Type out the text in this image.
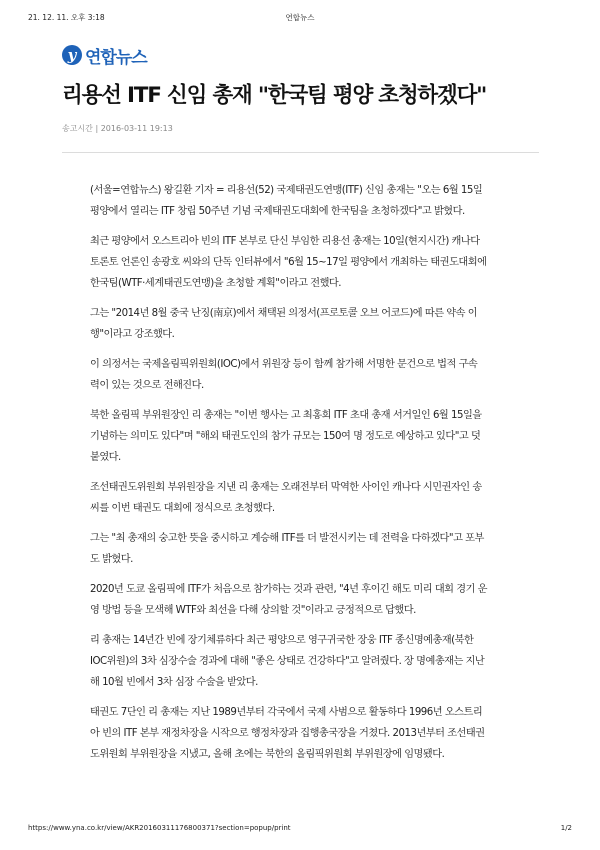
21. 12. 11. 오후 3:18	연합뉴스
y 연합뉴스
리용선 ITF 신임 총재 "한국팀 평양 초청하겠다"
송고시간 | 2016-03-11 19:13

(서울=연합뉴스) 왕길환 기자 = 리용선(52) 국제태권도연맹(ITF) 신임 총재는 "오는 6월 15일
평양에서 열리는 ITF 창립 50주년 기념 국제태권도대회에 한국팀을 초청하겠다"고 밝혔다.

최근 평양에서 오스트리아 빈의 ITF 본부로 단신 부임한 리용선 총재는 10일(현지시간) 캐나다
토론토 언론인 송광호 씨와의 단독 인터뷰에서 "6월 15~17일 평양에서 개최하는 태권도대회에
한국팀(WTF·세계태권도연맹)을 초청할 계획"이라고 전했다.

그는 "2014년 8월 중국 난징(南京)에서 채택된 의정서(프로토콜 오브 어코드)에 따른 약속 이
행"이라고 강조했다.

이 의정서는 국제올림픽위원회(IOC)에서 위원장 등이 함께 참가해 서명한 문건으로 법적 구속
력이 있는 것으로 전해진다.

북한 올림픽 부위원장인 리 총재는 "이번 행사는 고 최홍희 ITF 초대 총재 서거일인 6월 15일을
기념하는 의미도 있다"며 "해외 태권도인의 참가 규모는 150여 명 정도로 예상하고 있다"고 덧
붙였다.

조선태권도위원회 부위원장을 지낸 리 총재는 오래전부터 막역한 사이인 캐나다 시민권자인 송
씨를 이번 태권도 대회에 정식으로 초청했다.

그는 "최 총재의 숭고한 뜻을 중시하고 계승해 ITF를 더 발전시키는 데 전력을 다하겠다"고 포부
도 밝혔다.

2020년 도쿄 올림픽에 ITF가 처음으로 참가하는 것과 관련, "4년 후이긴 해도 미리 대회 경기 운
영 방법 등을 모색해 WTF와 최선을 다해 상의할 것"이라고 긍정적으로 답했다.

리 총재는 14년간 빈에 장기체류하다 최근 평양으로 영구귀국한 장웅 ITF 종신명예총재(북한
IOC위원)의 3차 심장수술 경과에 대해 "좋은 상태로 건강하다"고 알려줬다. 장 명예총재는 지난
해 10월 빈에서 3차 심장 수술을 받았다.

태권도 7단인 리 총재는 지난 1989년부터 각국에서 국제 사범으로 활동하다 1996년 오스트리
아 빈의 ITF 본부 재정차장을 시작으로 행정차장과 집행총국장을 거쳤다. 2013년부터 조선태권
도위원회 부위원장을 지냈고, 올해 초에는 북한의 올림픽위원회 부위원장에 임명됐다.

https://www.yna.co.kr/view/AKR20160311176800371?section=popup/print	1/2
